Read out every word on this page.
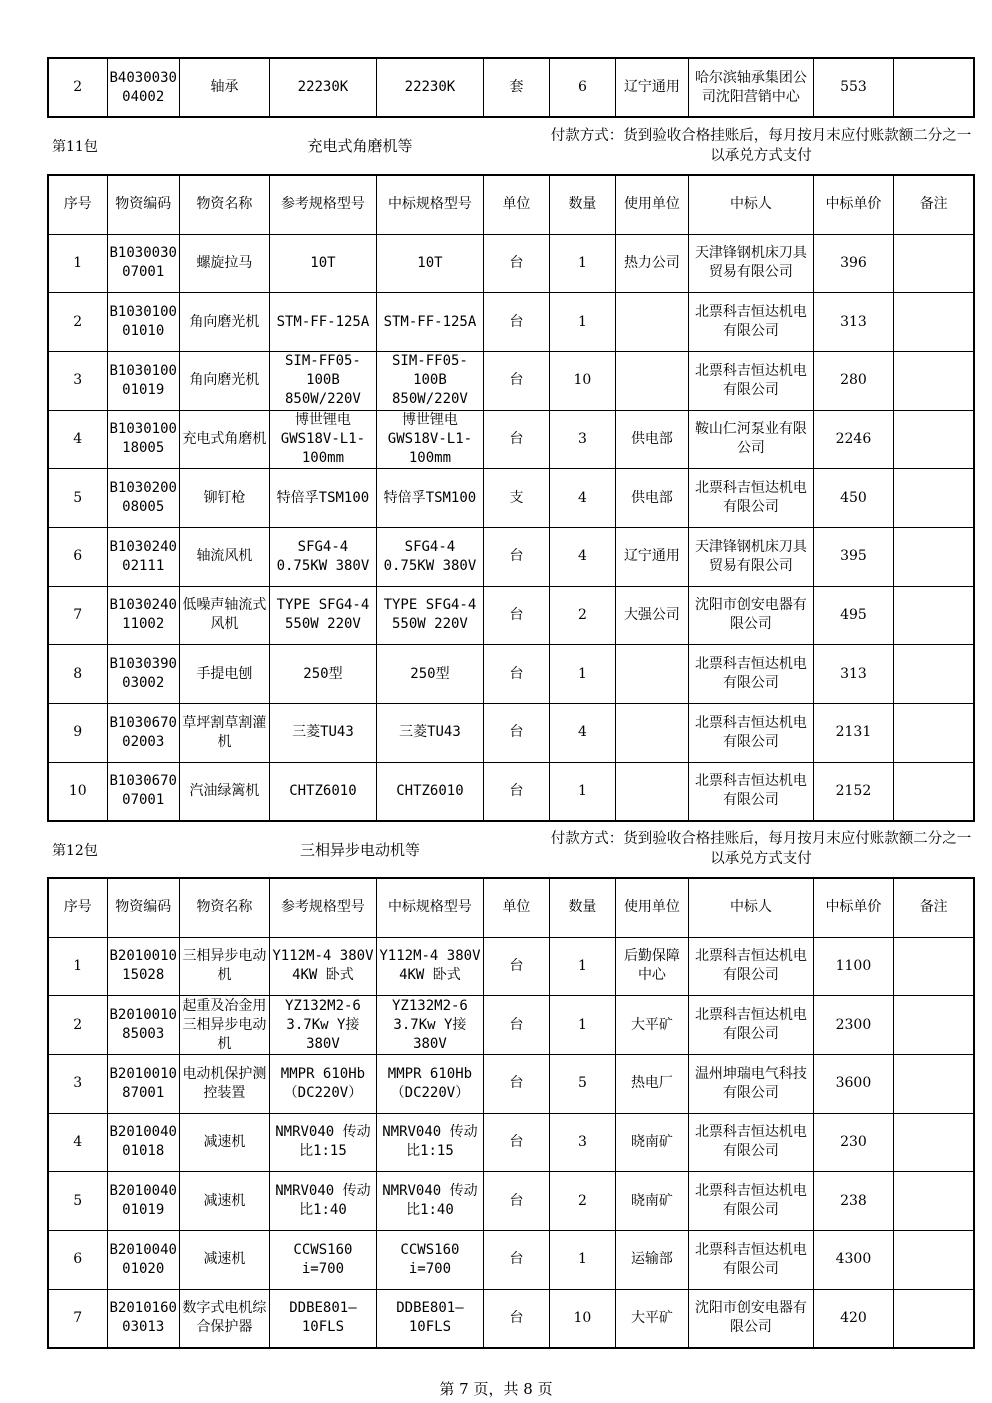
2	B4030030 04002	轴承	22230K	22230K	套	6	辽宁通用	哈尔滨轴承集团公司沈阳营销中心	553	
第11包	充电式角磨机等
付款方式：货到验收合格挂账后，每月按月末应付账款额二分之一以承兑方式支付
序号	物资编码	物资名称	参考规格型号	中标规格型号	单位	数量	使用单位	中标人	中标单价	备注
1	B1030030 07001	螺旋拉马	10T	10T	台	1	热力公司	天津锋钢机床刀具贸易有限公司	396	
2	B1030100 01010	角向磨光机	STM-FF-125A	STM-FF-125A	台	1		北票科吉恒达机电有限公司	313	
3	B1030100 01019	角向磨光机	SIM-FF05-100B 850W/220V	SIM-FF05-100B 850W/220V	台	10		北票科吉恒达机电有限公司	280	
4	B1030100 18005	充电式角磨机	博世锂电 GWS18V-L1-100mm	博世锂电 GWS18V-L1-100mm	台	3	供电部	鞍山仁河泵业有限公司	2246	
5	B1030200 08005	铆钉枪	特倍孚TSM100	特倍孚TSM100	支	4	供电部	北票科吉恒达机电有限公司	450	
6	B1030240 02111	轴流风机	SFG4-4 0.75KW 380V	SFG4-4 0.75KW 380V	台	4	辽宁通用	天津锋钢机床刀具贸易有限公司	395	
7	B1030240 11002	低噪声轴流式风机	TYPE SFG4-4 550W 220V	TYPE SFG4-4 550W 220V	台	2	大强公司	沈阳市创安电器有限公司	495	
8	B1030390 03002	手提电刨	250型	250型	台	1		北票科吉恒达机电有限公司	313	
9	B1030670 02003	草坪割草割灌机	三菱TU43	三菱TU43	台	4		北票科吉恒达机电有限公司	2131	
10	B1030670 07001	汽油绿篱机	CHTZ6010	CHTZ6010	台	1		北票科吉恒达机电有限公司	2152	
第12包	三相异步电动机等
付款方式：货到验收合格挂账后，每月按月末应付账款额二分之一以承兑方式支付
序号	物资编码	物资名称	参考规格型号	中标规格型号	单位	数量	使用单位	中标人	中标单价	备注
1	B2010010 15028	三相异步电动机	Y112M-4 380V 4KW 卧式	Y112M-4 380V 4KW 卧式	台	1	后勤保障中心	北票科吉恒达机电有限公司	1100	
2	B2010010 85003	起重及冶金用三相异步电动机	YZ132M2-6 3.7Kw Y接 380V	YZ132M2-6 3.7Kw Y接 380V	台	1	大平矿	北票科吉恒达机电有限公司	2300	
3	B2010010 87001	电动机保护测控装置	MMPR 610Hb （DC220V）	MMPR 610Hb （DC220V）	台	5	热电厂	温州坤瑞电气科技有限公司	3600	
4	B2010040 01018	减速机	NMRV040 传动比1:15	NMRV040 传动比1:15	台	3	晓南矿	北票科吉恒达机电有限公司	230	
5	B2010040 01019	减速机	NMRV040 传动比1:40	NMRV040 传动比1:40	台	2	晓南矿	北票科吉恒达机电有限公司	238	
6	B2010040 01020	减速机	CCWS160 i=700	CCWS160 i=700	台	1	运输部	北票科吉恒达机电有限公司	4300	
7	B2010160 03013	数字式电机综合保护器	DDBE801— 10FLS	DDBE801— 10FLS	台	10	大平矿	沈阳市创安电器有限公司	420	
第 7 页，共 8 页
